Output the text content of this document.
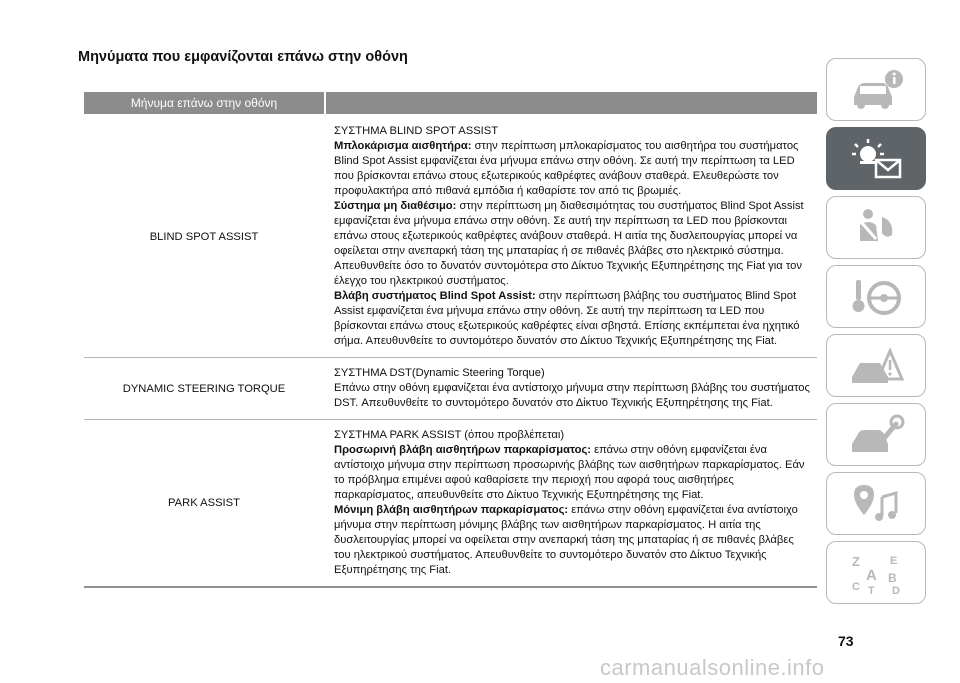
Μηνύματα που εμφανίζονται επάνω στην οθόνη
Μήνυμα επάνω στην οθόνη
BLIND SPOT ASSIST

ΣΥΣΤΗΜΑ BLIND SPOT ASSIST

Μπλοκάρισμα αισθητήρα: στην περίπτωση μπλοκαρίσματος του αισθητήρα του συστήματος Blind Spot Assist εμφανίζεται ένα μήνυμα επάνω στην οθόνη. Σε αυτή την περίπτωση τα LED που βρίσκονται επάνω στους εξωτερικούς καθρέφτες ανάβουν σταθερά. Ελευθερώστε τον προφυλακτήρα από πιθανά εμπόδια ή καθαρίστε τον από τις βρωμιές.

Σύστημα μη διαθέσιμο: στην περίπτωση μη διαθεσιμότητας του συστήματος Blind Spot Assist εμφανίζεται ένα μήνυμα επάνω στην οθόνη. Σε αυτή την περίπτωση τα LED που βρίσκονται επάνω στους εξωτερικούς καθρέφτες ανάβουν σταθερά. Η αιτία της δυσλειτουργίας μπορεί να οφείλεται στην ανεπαρκή τάση της μπαταρίας ή σε πιθανές βλάβες στο ηλεκτρικό σύστημα. Απευθυνθείτε όσο το δυνατόν συντομότερα στο Δίκτυο Τεχνικής Εξυπηρέτησης της Fiat για τον έλεγχο του ηλεκτρικού συστήματος.

Βλάβη συστήματος Blind Spot Assist: στην περίπτωση βλάβης του συστήματος Blind Spot Assist εμφανίζεται ένα μήνυμα επάνω στην οθόνη. Σε αυτή την περίπτωση τα LED που βρίσκονται επάνω στους εξωτερικούς καθρέφτες είναι σβηστά. Επίσης εκπέμπεται ένα ηχητικό σήμα. Απευθυνθείτε το συντομότερο δυνατόν στο Δίκτυο Τεχνικής Εξυπηρέτησης της Fiat.

DYNAMIC STEERING TORQUE

ΣΥΣΤΗΜΑ DST(Dynamic Steering Torque)

Επάνω στην οθόνη εμφανίζεται ένα αντίστοιχο μήνυμα στην περίπτωση βλάβης του συστήματος DST. Απευθυνθείτε το συντομότερο δυνατόν στο Δίκτυο Τεχνικής Εξυπηρέτησης της Fiat.

PARK ASSIST

ΣΥΣΤΗΜΑ PARK ASSIST (όπου προβλέπεται)

Προσωρινή βλάβη αισθητήρων παρκαρίσματος: επάνω στην οθόνη εμφανίζεται ένα αντίστοιχο μήνυμα στην περίπτωση προσωρινής βλάβης των αισθητήρων παρκαρίσματος. Εάν το πρόβλημα επιμένει αφού καθαρίσετε την περιοχή που αφορά τους αισθητήρες παρκαρίσματος, απευθυνθείτε στο Δίκτυο Τεχνικής Εξυπηρέτησης της Fiat.

Μόνιμη βλάβη αισθητήρων παρκαρίσματος: επάνω στην οθόνη εμφανίζεται ένα αντίστοιχο μήνυμα στην περίπτωση μόνιμης βλάβης των αισθητήρων παρκαρίσματος. Η αιτία της δυσλειτουργίας μπορεί να οφείλεται στην ανεπαρκή τάση της μπαταρίας ή σε πιθανές βλάβες του ηλεκτρικού συστήματος. Απευθυνθείτε το συντομότερο δυνατόν στο Δίκτυο Τεχνικής Εξυπηρέτησης της Fiat.

Z	E A B C T D
73
carmanualsonline.info
